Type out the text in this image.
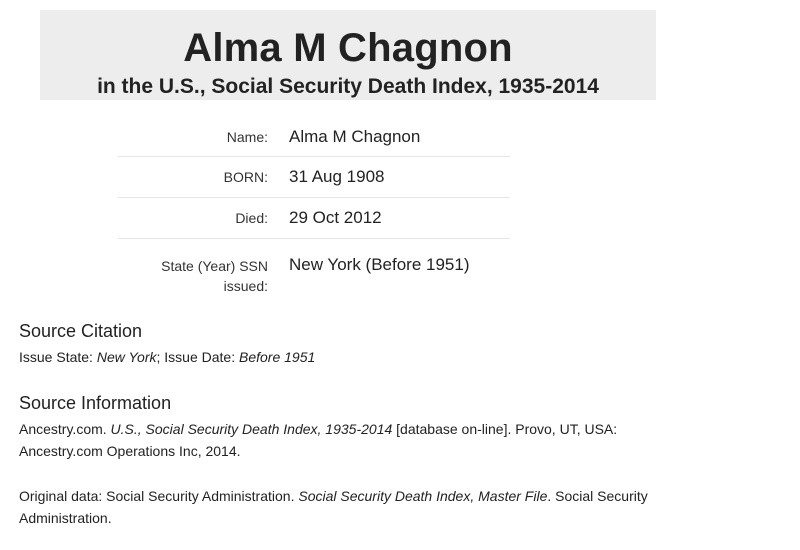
Alma M Chagnon
in the U.S., Social Security Death Index, 1935-2014
Name:	Alma M Chagnon
BORN:	31 Aug 1908
Died:	29 Oct 2012
State (Year) SSN
issued:	New York (Before 1951)
Source Citation
Issue State: New York; Issue Date: Before 1951
Source Information
Ancestry.com. U.S., Social Security Death Index, 1935-2014 [database on-line]. Provo, UT, USA:
Ancestry.com Operations Inc, 2014.
Original data: Social Security Administration. Social Security Death Index, Master File. Social Security
Administration.
